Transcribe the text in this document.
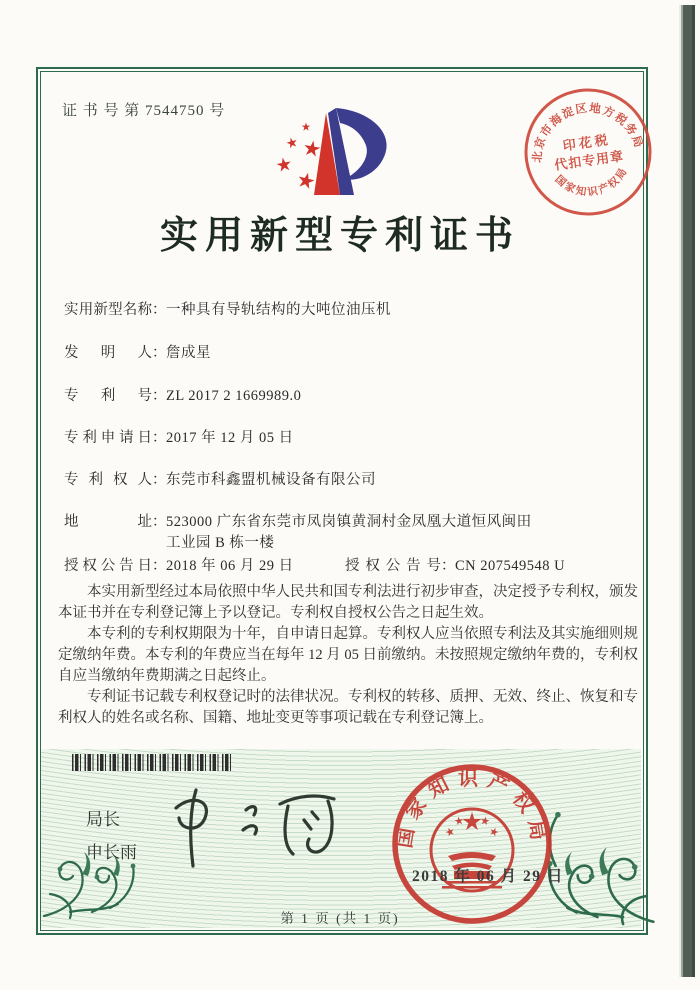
证 书 号 第 7544750 号
北京市海淀区地方税务局
国家知识产权局
印花税
代扣专用章
实用新型专利证书
实用新型名称：一种具有导轨结构的大吨位油压机
发明人：詹成星
专利号：ZL 2017 2 1669989.0
专利申请日：2017 年 12 月 05 日
专利权人：东莞市科鑫盟机械设备有限公司
地址：523000 广东省东莞市凤岗镇黄洞村金凤凰大道恒风闽田
工业园 B 栋一楼
授权公告日：2018 年 06 月 29 日	授权公告号：CN 207549548 U

本实用新型经过本局依照中华人民共和国专利法进行初步审查，决定授予专利权，颁发本证书并在专利登记簿上予以登记。专利权自授权公告之日起生效。

本专利的专利权期限为十年，自申请日起算。专利权人应当依照专利法及其实施细则规定缴纳年费。本专利的年费应当在每年 12 月 05 日前缴纳。未按照规定缴纳年费的，专利权自应当缴纳年费期满之日起终止。

专利证书记载专利权登记时的法律状况。专利权的转移、质押、无效、终止、恢复和专利权人的姓名或名称、国籍、地址变更等事项记载在专利登记簿上。

局长
申长雨
国家知识产权局
2018 年 06 月 29 日
第 1 页 (共 1 页)
